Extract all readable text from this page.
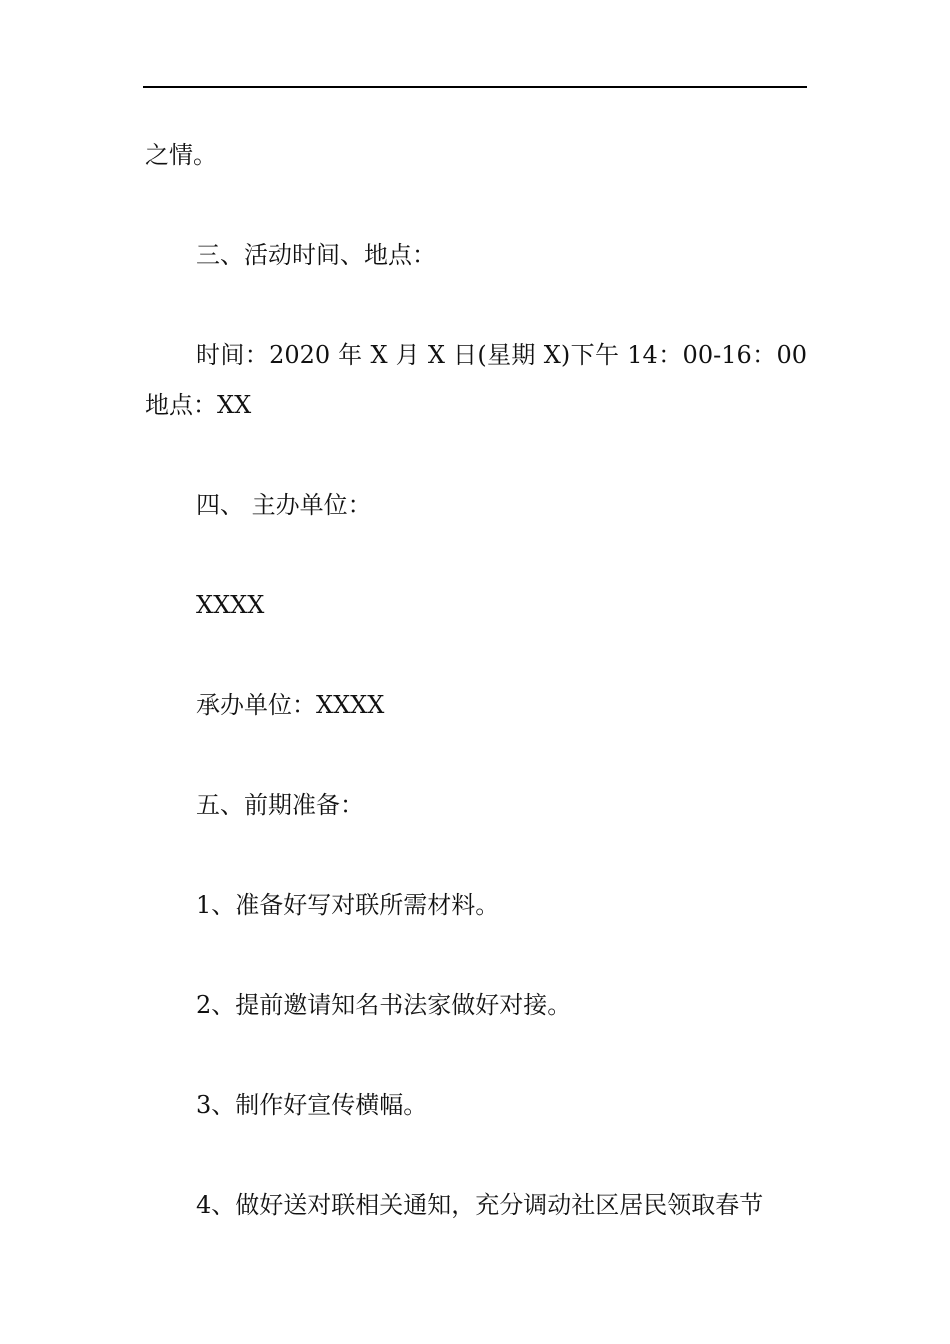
之情。

三、活动时间、地点：

时间：2020 年 X 月 X 日(星期 X)下午 14：00-16：00 地点：XX

四、 主办单位：

XXXX

承办单位：XXXX

五、前期准备：

1、准备好写对联所需材料。

2、提前邀请知名书法家做好对接。

3、制作好宣传横幅。

4、做好送对联相关通知，充分调动社区居民领取春节
